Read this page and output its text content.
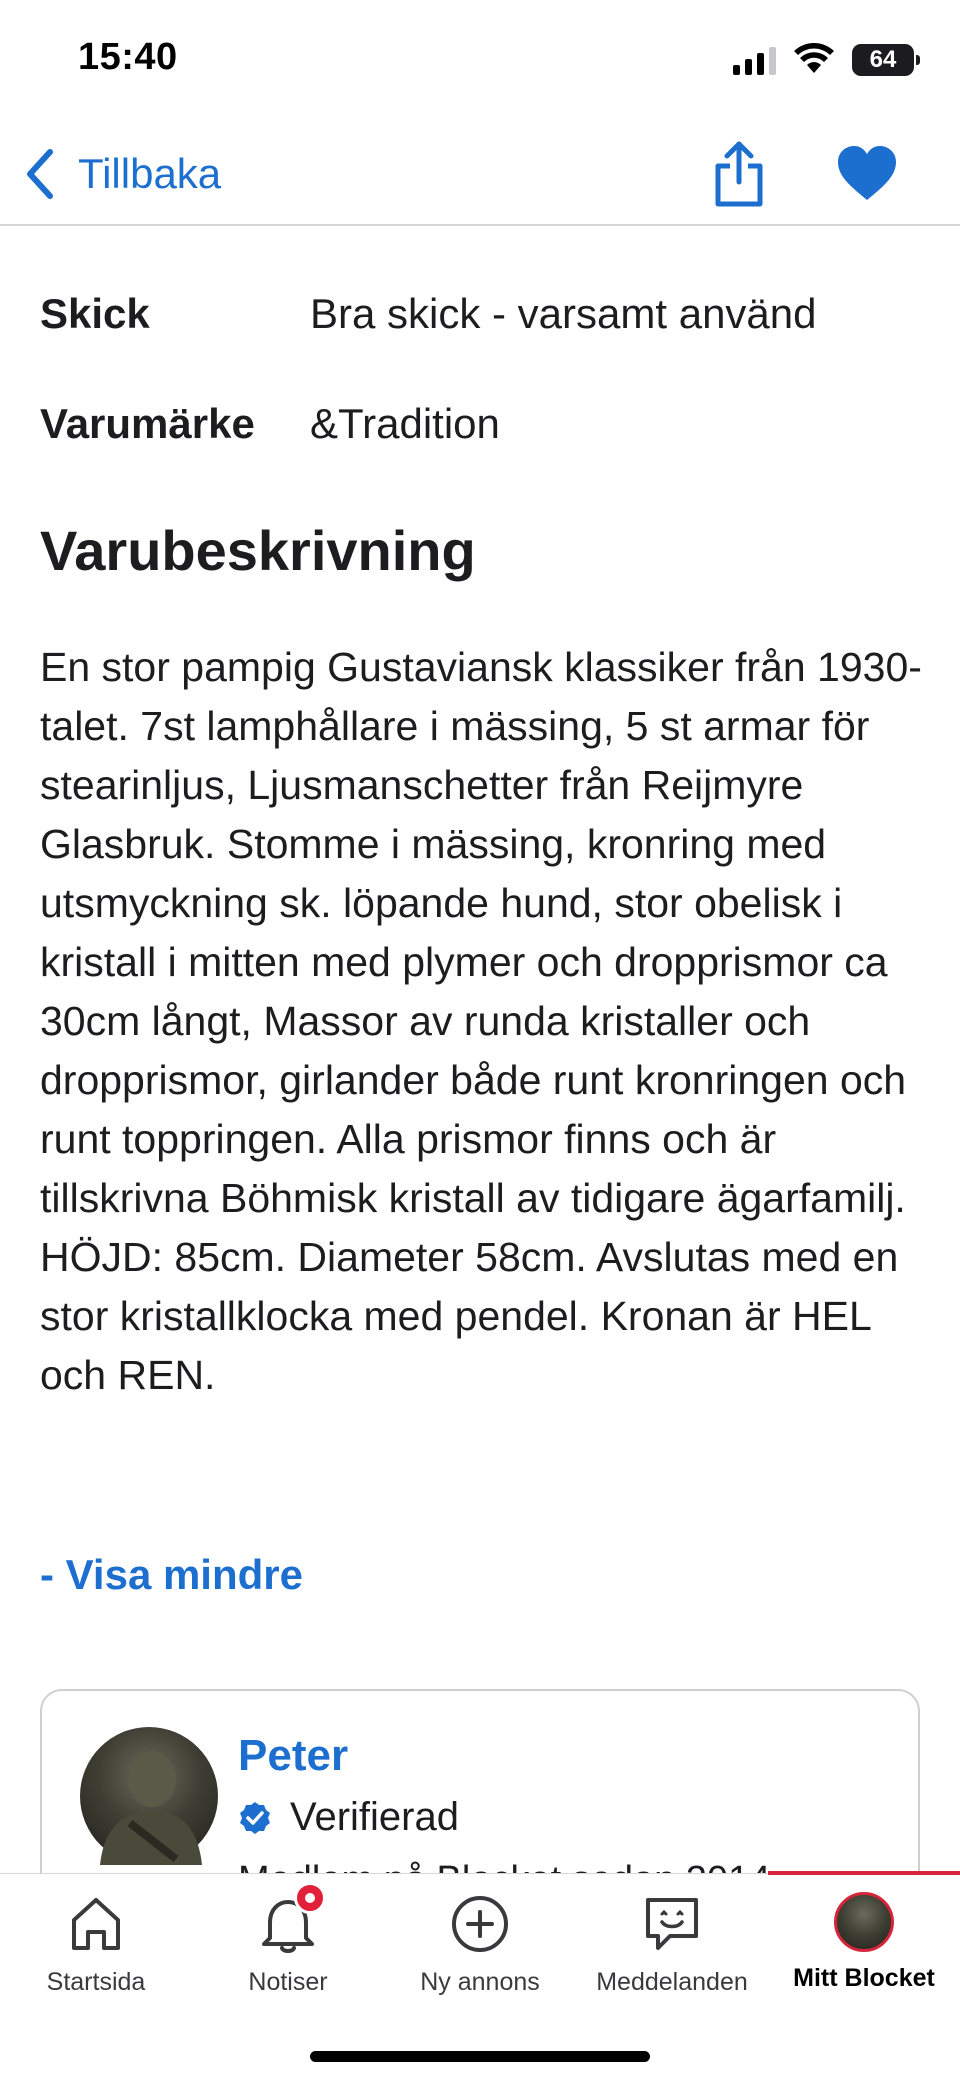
15:40	64
Tillbaka
Skick	Bra skick - varsamt använd
Varumärke	&Tradition
Varubeskrivning
En stor pampig Gustaviansk klassiker från 1930-talet. 7st lamphållare i mässing, 5 st armar för stearinljus, Ljusmanschetter från Reijmyre Glasbruk. Stomme i mässing, kronring med utsmyckning sk. löpande hund, stor obelisk i kristall i mitten med plymer och dropprismor ca 30cm långt, Massor av runda kristaller och dropprismor, girlander både runt kronringen och runt toppringen. Alla prismor finns och är tillskrivna Böhmisk kristall av tidigare ägarfamilj. HÖJD: 85cm. Diameter 58cm. Avslutas med en stor kristallklocka med pendel. Kronan är HEL och REN.
- Visa mindre
Peter
Verifierad
Startsida	Notiser	Ny annons Meddelanden Mitt Blocket
